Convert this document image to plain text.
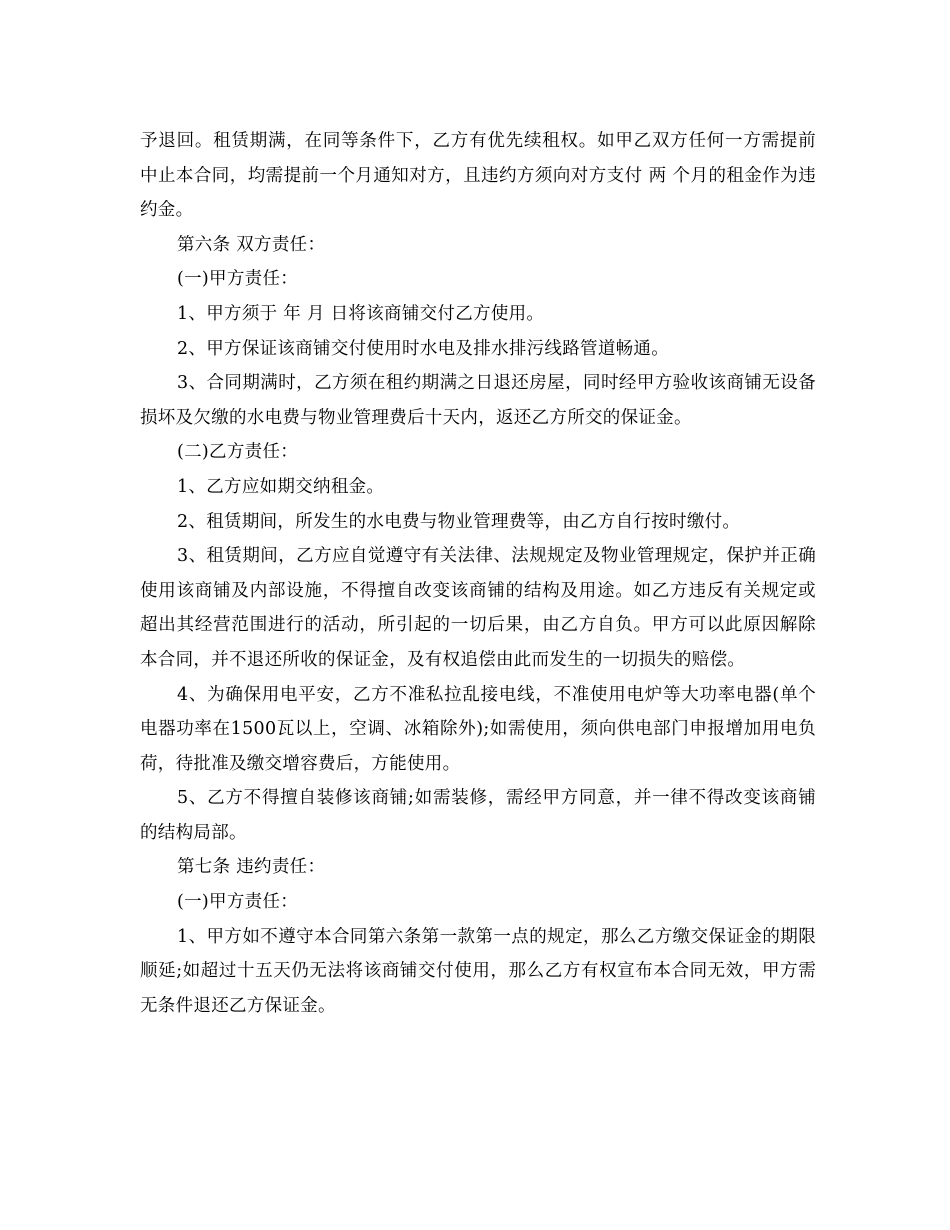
予退回。租赁期满，在同等条件下，乙方有优先续租权。如甲乙双方任何一方需提前中止本合同，均需提前一个月通知对方，且违约方须向对方支付 两 个月的租金作为违约金。

第六条 双方责任：

(一)甲方责任：

1、甲方须于 年 月 日将该商铺交付乙方使用。

2、甲方保证该商铺交付使用时水电及排水排污线路管道畅通。

3、合同期满时，乙方须在租约期满之日退还房屋，同时经甲方验收该商铺无设备损坏及欠缴的水电费与物业管理费后十天内，返还乙方所交的保证金。

(二)乙方责任：

1、乙方应如期交纳租金。

2、租赁期间，所发生的水电费与物业管理费等，由乙方自行按时缴付。

3、租赁期间，乙方应自觉遵守有关法律、法规规定及物业管理规定，保护并正确使用该商铺及内部设施，不得擅自改变该商铺的结构及用途。如乙方违反有关规定或超出其经营范围进行的活动，所引起的一切后果，由乙方自负。甲方可以此原因解除本合同，并不退还所收的保证金，及有权追偿由此而发生的一切损失的赔偿。

4、为确保用电平安，乙方不准私拉乱接电线，不准使用电炉等大功率电器(单个电器功率在1500瓦以上，空调、冰箱除外);如需使用，须向供电部门申报增加用电负荷，待批准及缴交增容费后，方能使用。

5、乙方不得擅自装修该商铺;如需装修，需经甲方同意，并一律不得改变该商铺的结构局部。

第七条 违约责任：

(一)甲方责任：

1、甲方如不遵守本合同第六条第一款第一点的规定，那么乙方缴交保证金的期限顺延;如超过十五天仍无法将该商铺交付使用，那么乙方有权宣布本合同无效，甲方需无条件退还乙方保证金。
